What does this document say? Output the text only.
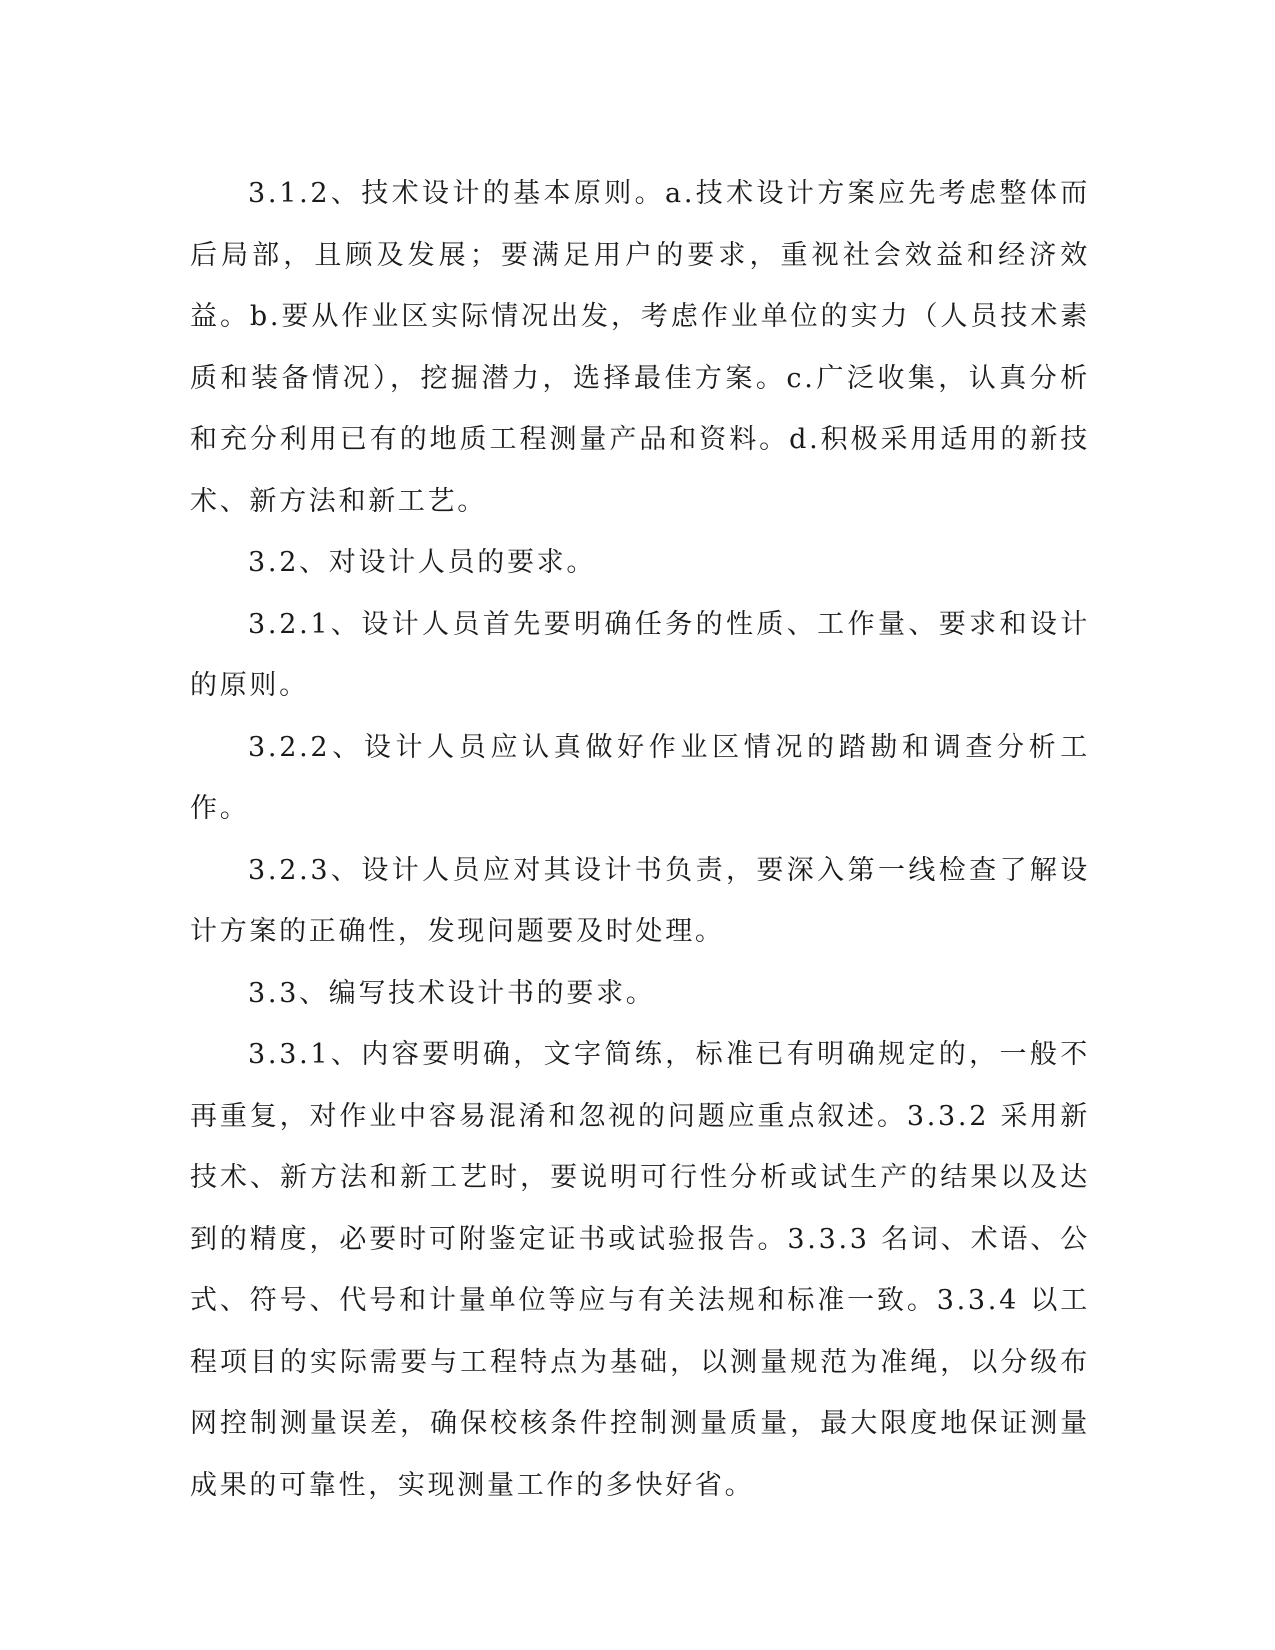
3.1.2、技术设计的基本原则。a.技术设计方案应先考虑整体而后局部，且顾及发展；要满足用户的要求，重视社会效益和经济效益。b.要从作业区实际情况出发，考虑作业单位的实力（人员技术素质和装备情况），挖掘潜力，选择最佳方案。c.广泛收集，认真分析和充分利用已有的地质工程测量产品和资料。d.积极采用适用的新技术、新方法和新工艺。

3.2、对设计人员的要求。

3.2.1、设计人员首先要明确任务的性质、工作量、要求和设计的原则。

3.2.2、设计人员应认真做好作业区情况的踏勘和调查分析工作。

3.2.3、设计人员应对其设计书负责，要深入第一线检查了解设计方案的正确性，发现问题要及时处理。

3.3、编写技术设计书的要求。

3.3.1、内容要明确，文字简练，标准已有明确规定的，一般不再重复，对作业中容易混淆和忽视的问题应重点叙述。3.3.2 采用新技术、新方法和新工艺时，要说明可行性分析或试生产的结果以及达到的精度，必要时可附鉴定证书或试验报告。3.3.3 名词、术语、公式、符号、代号和计量单位等应与有关法规和标准一致。3.3.4 以工程项目的实际需要与工程特点为基础，以测量规范为准绳，以分级布网控制测量误差，确保校核条件控制测量质量，最大限度地保证测量成果的可靠性，实现测量工作的多快好省。
